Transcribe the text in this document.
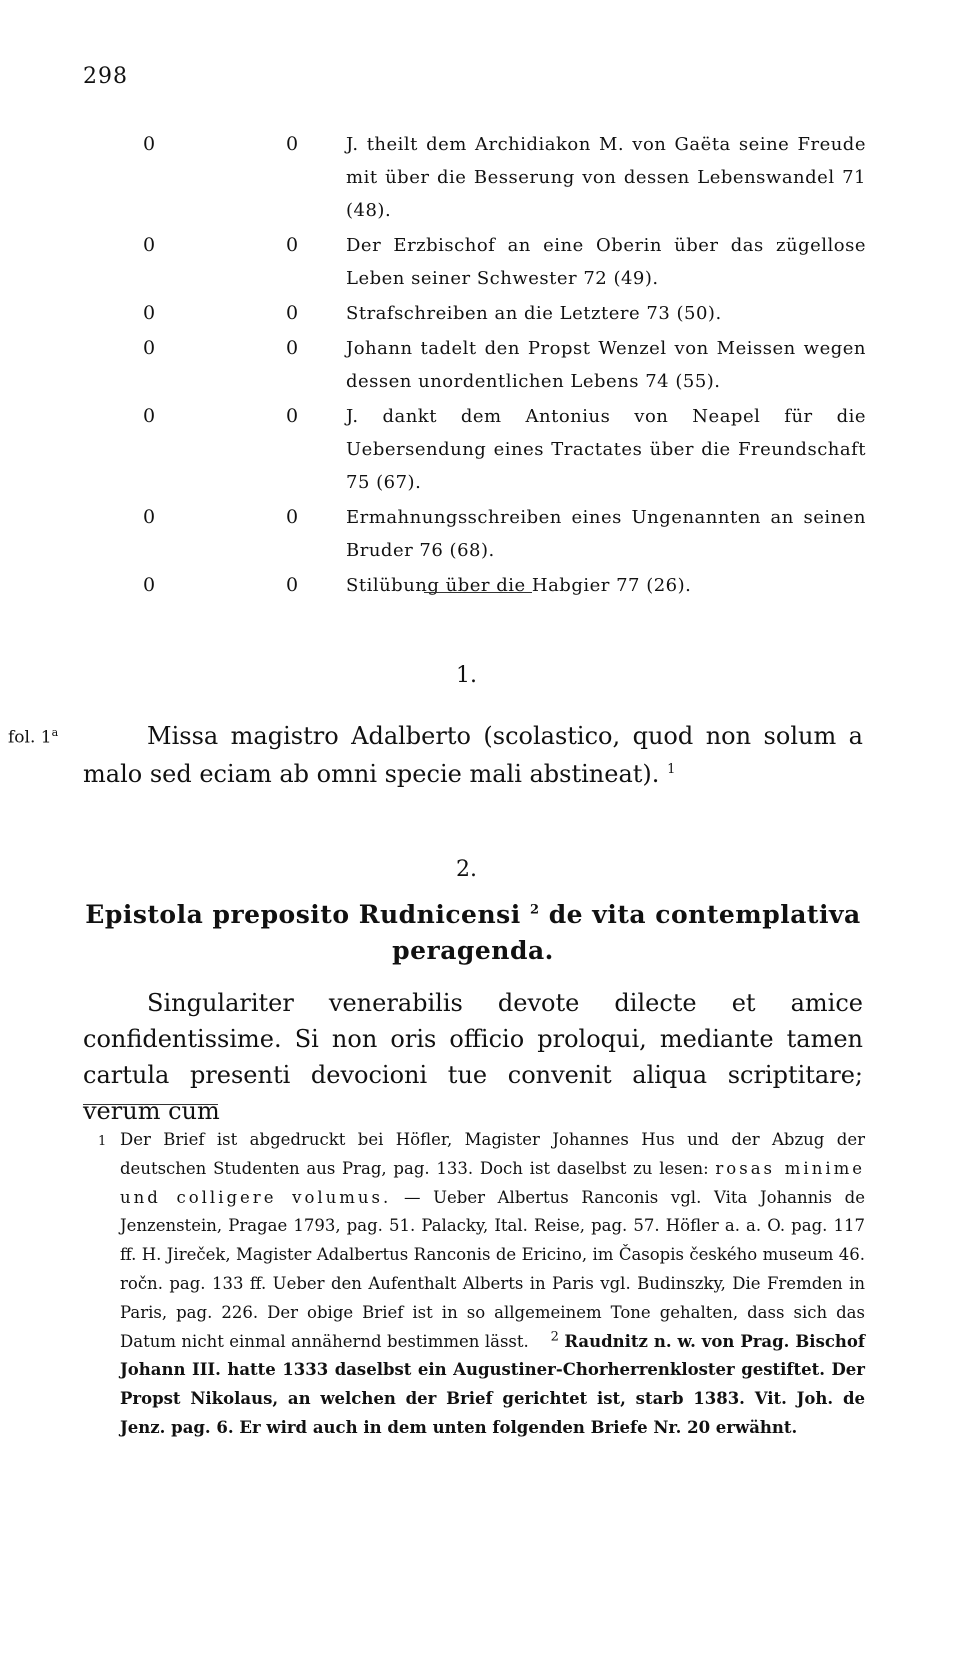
298
0	0	J. theilt dem Archidiakon M. von Gaëta seine Freude mit über die Besserung von dessen Lebenswandel 71 (48).
0	0	Der Erzbischof an eine Oberin über das zügellose Leben seiner Schwester 72 (49).
0	0	Strafschreiben an die Letztere 73 (50).
0	0	Johann tadelt den Propst Wenzel von Meissen wegen dessen unordentlichen Lebens 74 (55).
0	0	J. dankt dem Antonius von Neapel für die Uebersendung eines Tractates über die Freundschaft 75 (67).
0	0	Ermahnungsschreiben eines Ungenannten an seinen Bruder 76 (68).
0	0	Stilübung über die Habgier 77 (26).
1.
fol. 1$^a$	Missa magistro Adalberto (scolastico, quod non solum a malo sed eciam ab omni specie mali abstineat). $^1$
2.
Epistola preposito Rudnicensi $^2$ de vita contemplativa peragenda.
Singulariter venerabilis devote dilecte et amice confidentissime. Si non oris officio proloqui, mediante tamen cartula presenti devocioni tue convenit aliqua scriptitare; verum cum
1 Der Brief ist abgedruckt bei Höfler, Magister Johannes Hus und der Abzug der deutschen Studenten aus Prag, pag. 133. Doch ist daselbst zu lesen: rosas minime und colligere volumus. — Ueber Albertus Ranconis vgl. Vita Johannis de Jenzenstein, Pragae 1793, pag. 51. Palacky, Ital. Reise, pag. 57. Höfler a. a. O. pag. 117 ff. H. Jireček, Magister Adalbertus Ranconis de Ericino, im Časopis českého museum 46. ročn. pag. 133 ff. Ueber den Aufenthalt Alberts in Paris vgl. Budinszky, Die Fremden in Paris, pag. 226. Der obige Brief ist in so allgemeinem Tone gehalten, dass sich das Datum nicht einmal annähernd bestimmen lässt. $^2$ Raudnitz n. w. von Prag. Bischof Johann III. hatte 1333 daselbst ein Augustiner-Chorherrenkloster gestiftet. Der Propst Nikolaus, an welchen der Brief gerichtet ist, starb 1383. Vit. Joh. de Jenz. pag. 6. Er wird auch in dem unten folgenden Briefe Nr. 20 erwähnt.
